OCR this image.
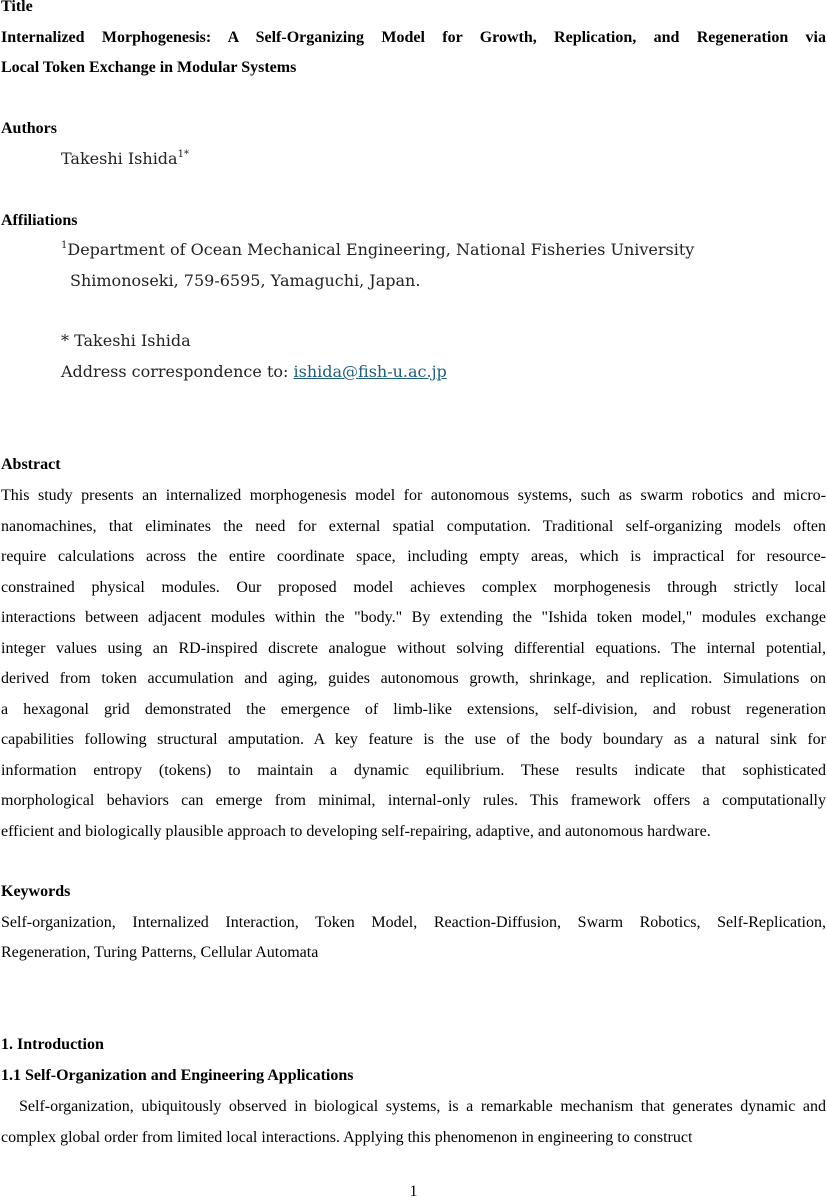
Title
Internalized Morphogenesis: A Self-Organizing Model for Growth, Replication, and Regeneration via
Local Token Exchange in Modular Systems
Authors
Takeshi Ishida$^{1*}$
Affiliations
$^1$Department of Ocean Mechanical Engineering, National Fisheries University
Shimonoseki, 759-6595, Yamaguchi, Japan.
* Takeshi Ishida
Address correspondence to: ishida@fish-u.ac.jp
Abstract
This study presents an internalized morphogenesis model for autonomous systems, such as swarm robotics and micro-
nanomachines, that eliminates the need for external spatial computation. Traditional self-organizing models often
require calculations across the entire coordinate space, including empty areas, which is impractical for resource-
constrained physical modules. Our proposed model achieves complex morphogenesis through strictly local
interactions between adjacent modules within the "body." By extending the "Ishida token model," modules exchange
integer values using an RD-inspired discrete analogue without solving differential equations. The internal potential,
derived from token accumulation and aging, guides autonomous growth, shrinkage, and replication. Simulations on
a hexagonal grid demonstrated the emergence of limb-like extensions, self-division, and robust regeneration
capabilities following structural amputation. A key feature is the use of the body boundary as a natural sink for
information entropy (tokens) to maintain a dynamic equilibrium. These results indicate that sophisticated
morphological behaviors can emerge from minimal, internal-only rules. This framework offers a computationally
efficient and biologically plausible approach to developing self-repairing, adaptive, and autonomous hardware.
Keywords
Self-organization, Internalized Interaction, Token Model, Reaction-Diffusion, Swarm Robotics, Self-Replication,
Regeneration, Turing Patterns, Cellular Automata
1. Introduction
1.1 Self-Organization and Engineering Applications
Self-organization, ubiquitously observed in biological systems, is a remarkable mechanism that generates dynamic and complex global order from limited local interactions. Applying this phenomenon in engineering to construct
1
